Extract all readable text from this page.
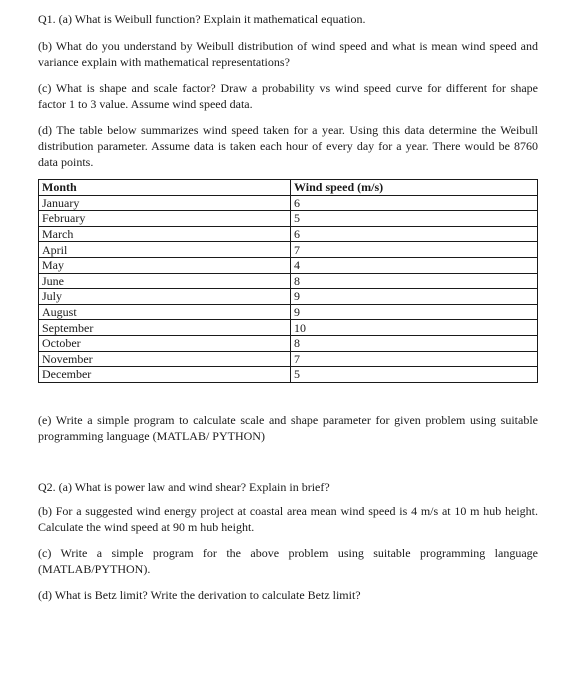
Q1. (a) What is Weibull function? Explain it mathematical equation.

(b) What do you understand by Weibull distribution of wind speed and what is mean wind speed and variance explain with mathematical representations?

(c) What is shape and scale factor? Draw a probability vs wind speed curve for different for shape factor 1 to 3 value. Assume wind speed data.

(d) The table below summarizes wind speed taken for a year. Using this data determine the Weibull distribution parameter. Assume data is taken each hour of every day for a year. There would be 8760 data points.

Month	Wind speed (m/s)
January	6
February	5
March	6
April	7
May	4
June	8
July	9
August	9
September	10
October	8
November	7
December	5

(e) Write a simple program to calculate scale and shape parameter for given problem using suitable programming language (MATLAB/ PYTHON)

Q2. (a) What is power law and wind shear? Explain in brief?

(b) For a suggested wind energy project at coastal area mean wind speed is 4 m/s at 10 m hub height. Calculate the wind speed at 90 m hub height.

(c) Write a simple program for the above problem using suitable programming language (MATLAB/PYTHON).

(d) What is Betz limit? Write the derivation to calculate Betz limit?
